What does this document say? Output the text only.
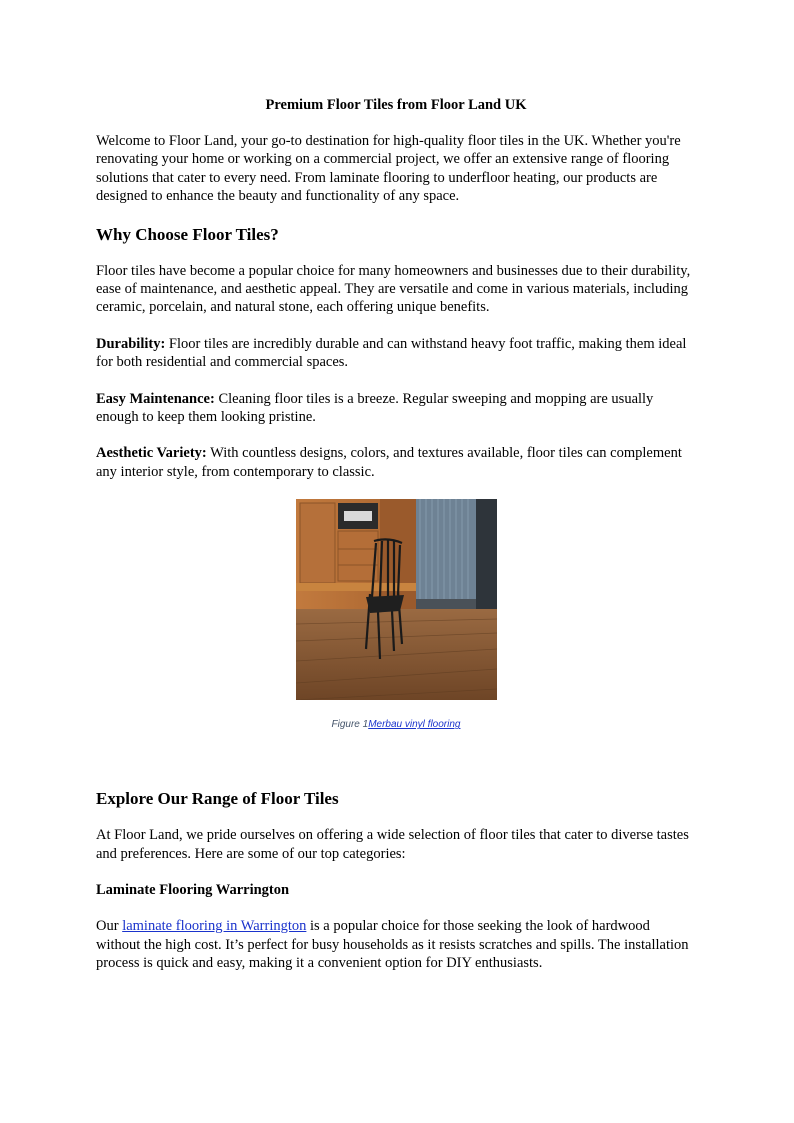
Premium Floor Tiles from Floor Land UK

Welcome to Floor Land, your go-to destination for high-quality floor tiles in the UK. Whether you're renovating your home or working on a commercial project, we offer an extensive range of flooring solutions that cater to every need. From laminate flooring to underfloor heating, our products are designed to enhance the beauty and functionality of any space.

Why Choose Floor Tiles?

Floor tiles have become a popular choice for many homeowners and businesses due to their durability, ease of maintenance, and aesthetic appeal. They are versatile and come in various materials, including ceramic, porcelain, and natural stone, each offering unique benefits.

Durability: Floor tiles are incredibly durable and can withstand heavy foot traffic, making them ideal for both residential and commercial spaces.

Easy Maintenance: Cleaning floor tiles is a breeze. Regular sweeping and mopping are usually enough to keep them looking pristine.

Aesthetic Variety: With countless designs, colors, and textures available, floor tiles can complement any interior style, from contemporary to classic.

Figure 1Merbau vinyl flooring
Explore Our Range of Floor Tiles

At Floor Land, we pride ourselves on offering a wide selection of floor tiles that cater to diverse tastes and preferences. Here are some of our top categories:

Laminate Flooring Warrington

Our laminate flooring in Warrington is a popular choice for those seeking the look of hardwood without the high cost. It’s perfect for busy households as it resists scratches and spills. The installation process is quick and easy, making it a convenient option for DIY enthusiasts.
